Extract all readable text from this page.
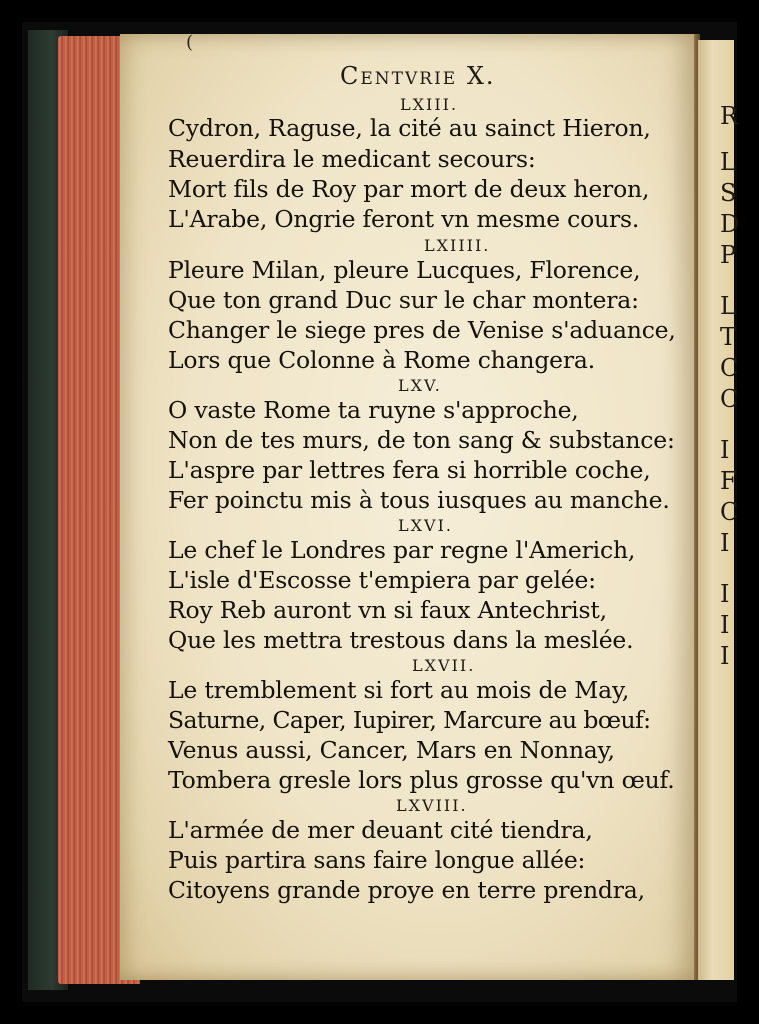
R
L
S
D
P
L
T
C
C
I
F
C
I
I
I
I
(
Centvrie X.
LXIII.
Cydron, Raguse, la cité au sainct Hieron,
Reuerdira le medicant secours:
Mort fils de Roy par mort de deux heron,
L'Arabe, Ongrie feront vn mesme cours.
LXIIII.
Pleure Milan, pleure Lucques, Florence,
Que ton grand Duc sur le char montera:
Changer le siege pres de Venise s'aduance,
Lors que Colonne à Rome changera.
LXV.
O vaste Rome ta ruyne s'approche,
Non de tes murs, de ton sang & substance:
L'aspre par lettres fera si horrible coche,
Fer poinctu mis à tous iusques au manche.
LXVI.
Le chef le Londres par regne l'Americh,
L'isle d'Escosse t'empiera par gelée:
Roy Reb auront vn si faux Antechrist,
Que les mettra trestous dans la meslée.
LXVII.
Le tremblement si fort au mois de May,
Saturne, Caper, Iupirer, Marcure au bœuf:
Venus aussi, Cancer, Mars en Nonnay,
Tombera gresle lors plus grosse qu'vn œuf.
LXVIII.
L'armée de mer deuant cité tiendra,
Puis partira sans faire longue allée:
Citoyens grande proye en terre prendra,
